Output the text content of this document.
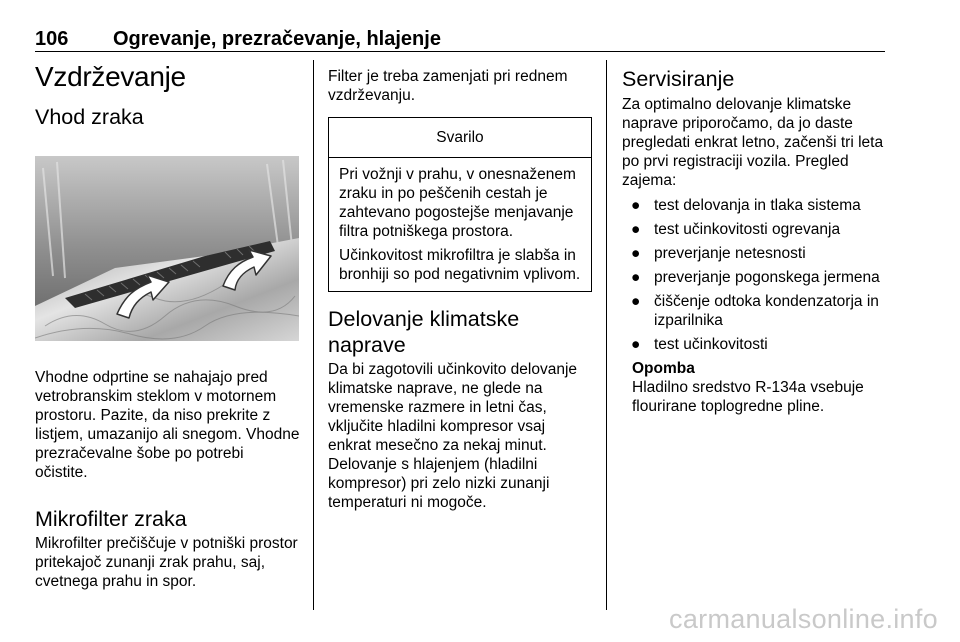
106 Ogrevanje, prezračevanje, hlajenje
Vzdrževanje
Vhod zraka

Vhodne odprtine se nahajajo pred vetrobranskim steklom v motornem prostoru. Pazite, da niso prekrite z listjem, umazanijo ali snegom. Vhodne prezračevalne šobe po potrebi očistite.

Mikrofilter zraka

Mikrofilter prečiščuje v potniški prostor pritekajoč zunanji zrak prahu, saj, cvetnega prahu in spor.

Filter je treba zamenjati pri rednem vzdrževanju.

Svarilo

Pri vožnji v prahu, v onesnaženem zraku in po peščenih cestah je zahtevano pogostejše menjavanje filtra potniškega prostora.

Učinkovitost mikrofiltra je slabša in bronhiji so pod negativnim vplivom.

Delovanje klimatske naprave

Da bi zagotovili učinkovito delovanje klimatske naprave, ne glede na vremenske razmere in letni čas, vključite hladilni kompresor vsaj enkrat mesečno za nekaj minut. Delovanje s hlajenjem (hladilni kompresor) pri zelo nizki zunanji temperaturi ni mogoče.

Servisiranje

Za optimalno delovanje klimatske naprave priporočamo, da jo daste pregledati enkrat letno, začenši tri leta po prvi registraciji vozila. Pregled zajema:

● test delovanja in tlaka sistema
● test učinkovitosti ogrevanja
● preverjanje netesnosti
● preverjanje pogonskega jermena
● čiščenje odtoka kondenzatorja in izparilnika
● test učinkovitosti
Opomba

Hladilno sredstvo R-134a vsebuje flourirane toplogredne pline.

carmanualsonline.info
